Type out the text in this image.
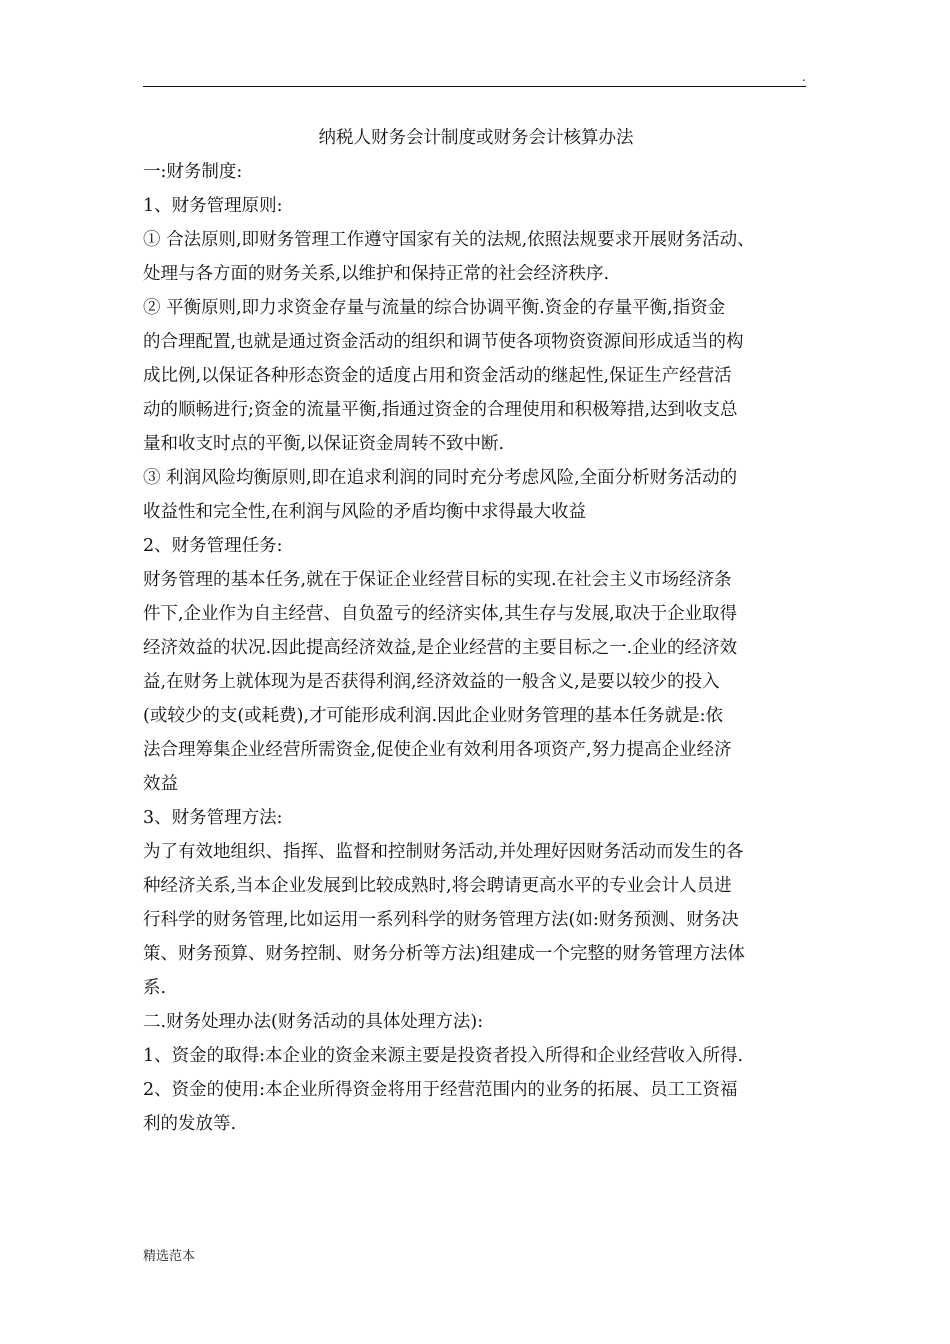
.

纳税人财务会计制度或财务会计核算办法

一:财务制度:

1、财务管理原则:

① 合法原则,即财务管理工作遵守国家有关的法规,依照法规要求开展财务活动、

处理与各方面的财务关系,以维护和保持正常的社会经济秩序.

② 平衡原则,即力求资金存量与流量的综合协调平衡.资金的存量平衡,指资金

的合理配置,也就是通过资金活动的组织和调节使各项物资资源间形成适当的构

成比例,以保证各种形态资金的适度占用和资金活动的继起性,保证生产经营活

动的顺畅进行;资金的流量平衡,指通过资金的合理使用和积极筹措,达到收支总

量和收支时点的平衡,以保证资金周转不致中断.

③ 利润风险均衡原则,即在追求利润的同时充分考虑风险,全面分析财务活动的

收益性和完全性,在利润与风险的矛盾均衡中求得最大收益

2、财务管理任务:

财务管理的基本任务,就在于保证企业经营目标的实现.在社会主义市场经济条

件下,企业作为自主经营、自负盈亏的经济实体,其生存与发展,取决于企业取得

经济效益的状况.因此提高经济效益,是企业经营的主要目标之一.企业的经济效

益,在财务上就体现为是否获得利润,经济效益的一般含义,是要以较少的投入

(或较少的支(或耗费),才可能形成利润.因此企业财务管理的基本任务就是:依

法合理筹集企业经营所需资金,促使企业有效利用各项资产,努力提高企业经济

效益

3、财务管理方法:

为了有效地组织、指挥、监督和控制财务活动,并处理好因财务活动而发生的各

种经济关系,当本企业发展到比较成熟时,将会聘请更高水平的专业会计人员进

行科学的财务管理,比如运用一系列科学的财务管理方法(如:财务预测、财务决

策、财务预算、财务控制、财务分析等方法)组建成一个完整的财务管理方法体

系.

二.财务处理办法(财务活动的具体处理方法):

1、资金的取得:本企业的资金来源主要是投资者投入所得和企业经营收入所得.

2、资金的使用:本企业所得资金将用于经营范围内的业务的拓展、员工工资福

利的发放等.

精选范本
